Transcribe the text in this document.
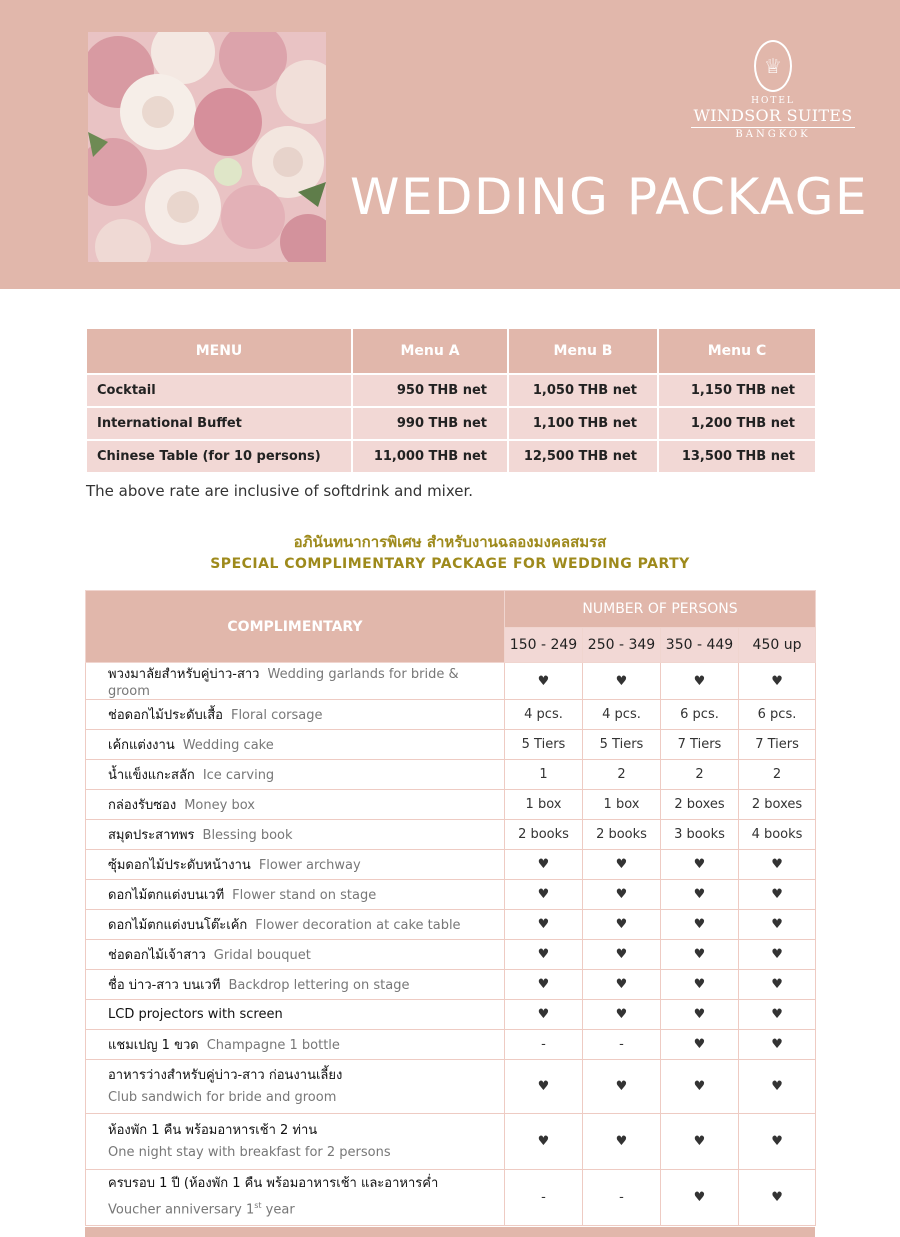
♕
HOTEL
WINDSOR SUITES
BANGKOK
WEDDING PACKAGE
MENU	Menu A	Menu B	Menu C
Cocktail	950 THB net	1,050 THB net	1,150 THB net
International Buffet	990 THB net	1,100 THB net	1,200 THB net
Chinese Table (for 10 persons)	11,000 THB net	12,500 THB net	13,500 THB net
The above rate are inclusive of softdrink and mixer.
อภินันทนาการพิเศษ สำหรับงานฉลองมงคลสมรส
SPECIAL COMPLIMENTARY PACKAGE FOR WEDDING PARTY
COMPLIMENTARY	NUMBER OF PERSONS			
	150 - 249	250 - 349	350 - 449	450 up
พวงมาลัยสำหรับคู่บ่าว-สาว Wedding garlands for bride & groom	♥	♥	♥	♥
ช่อดอกไม้ประดับเสื้อ Floral corsage	4 pcs.	4 pcs.	6 pcs.	6 pcs.
เค้กแต่งงาน Wedding cake	5 Tiers	5 Tiers	7 Tiers	7 Tiers
น้ำแข็งแกะสลัก Ice carving	1	2	2	2
กล่องรับซอง Money box	1 box	1 box	2 boxes	2 boxes
สมุดประสาทพร Blessing book	2 books	2 books	3 books	4 books
ซุ้มดอกไม้ประดับหน้างาน Flower archway	♥	♥	♥	♥
ดอกไม้ตกแต่งบนเวที Flower stand on stage	♥	♥	♥	♥
ดอกไม้ตกแต่งบนโต๊ะเค้ก Flower decoration at cake table	♥	♥	♥	♥
ช่อดอกไม้เจ้าสาว Gridal bouquet	♥	♥	♥	♥
ชื่อ บ่าว-สาว บนเวที Backdrop lettering on stage	♥	♥	♥	♥
LCD projectors with screen	♥	♥	♥	♥
แชมเปญ 1 ขวด Champagne 1 bottle	-	-	♥	♥

อาหารว่างสำหรับคู่บ่าว-สาว ก่อนงานเลี้ยง
Club sandwich for bride and groom	♥	♥	♥	♥

ห้องพัก 1 คืน พร้อมอาหารเช้า 2 ท่าน
One night stay with breakfast for 2 persons	♥	♥	♥	♥

ครบรอบ 1 ปี (ห้องพัก 1 คืน พร้อมอาหารเช้า และอาหารค่ำ
Voucher anniversary 1st year	-	-	♥	♥
